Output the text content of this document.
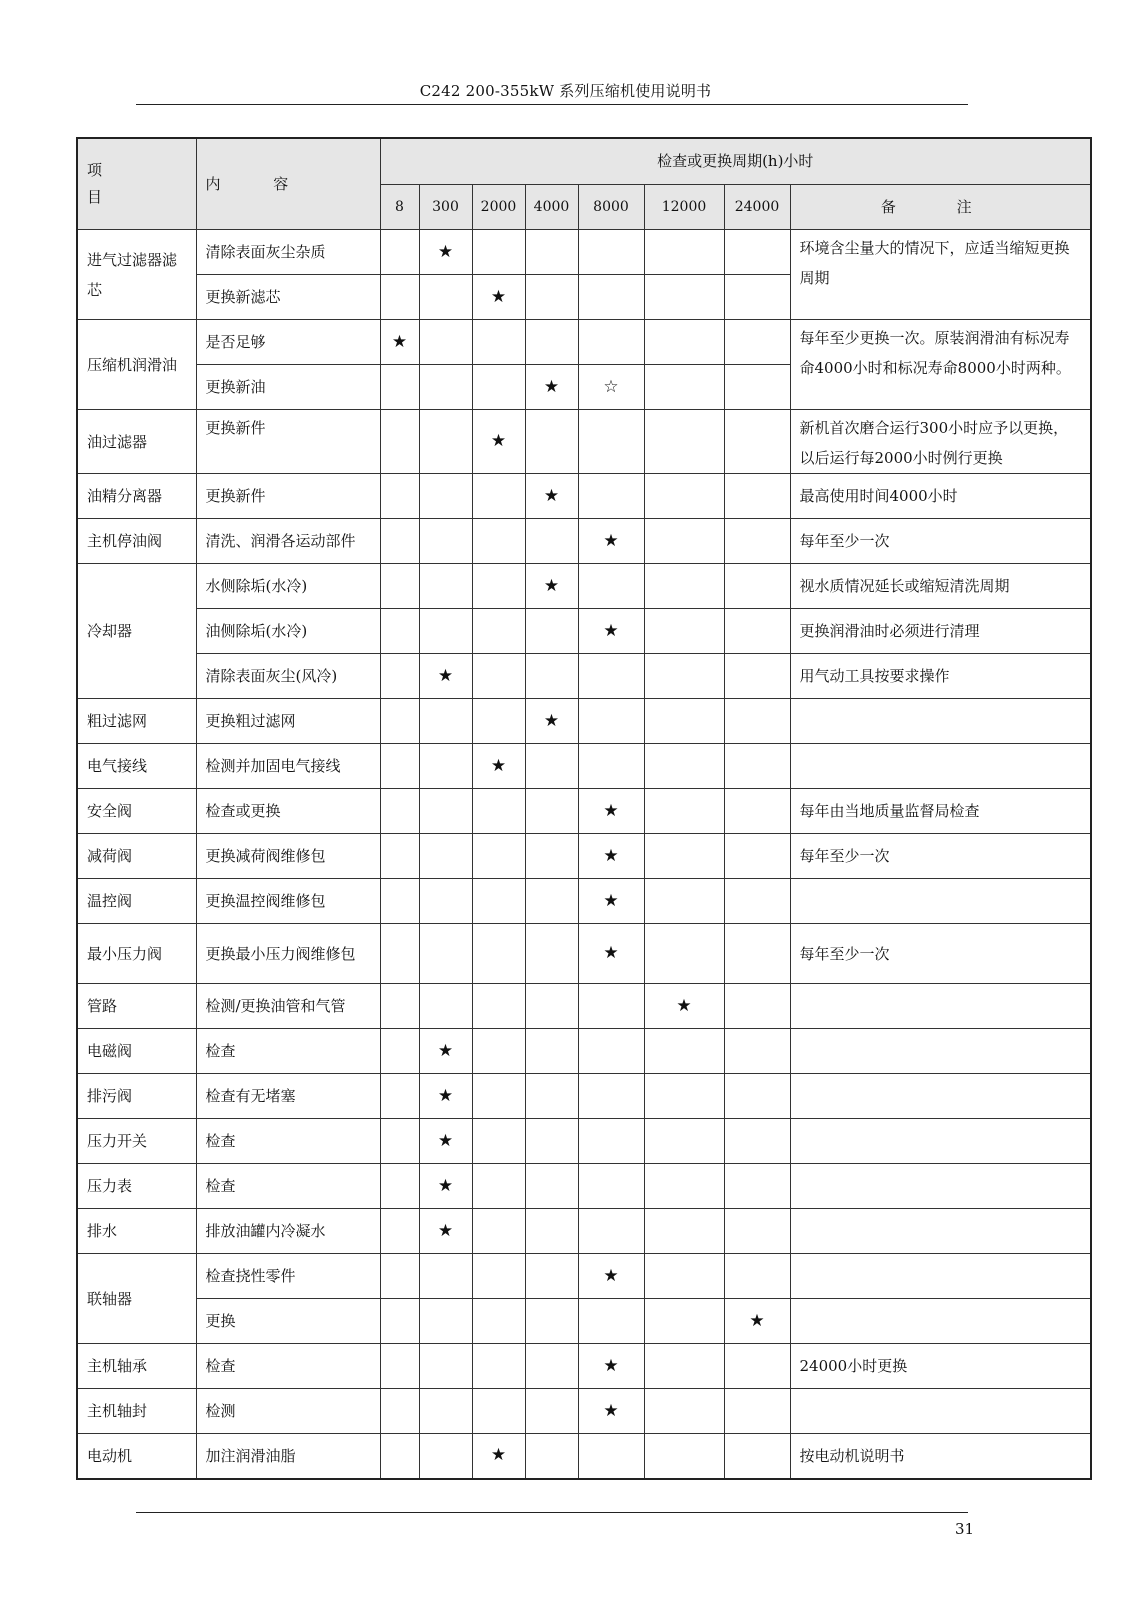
C242 200-355kW 系列压缩机使用说明书
项 目	内 容	检查或更换周期(h)小时							
		8	300	2000	4000	8000	12000	24000	备 注
进气过滤器滤芯	清除表面灰尘杂质		★						环境含尘量大的情况下，应适当缩短更换周期
	更换新滤芯			★					
压缩机润滑油	是否足够	★							每年至少更换一次。原装润滑油有标况寿命4000小时和标况寿命8000小时两种。
	更换新油				★	☆			
油过滤器	更换新件			★					新机首次磨合运行300小时应予以更换，以后运行每2000小时例行更换
油精分离器	更换新件				★				最高使用时间4000小时
主机停油阀	清洗、润滑各运动部件					★			每年至少一次
冷却器	水侧除垢(水冷)				★				视水质情况延长或缩短清洗周期
	油侧除垢(水冷)					★			更换润滑油时必须进行清理
	清除表面灰尘(风冷)		★						用气动工具按要求操作
粗过滤网	更换粗过滤网				★				
电气接线	检测并加固电气接线			★					
安全阀	检查或更换					★			每年由当地质量监督局检查
减荷阀	更换减荷阀维修包					★			每年至少一次
温控阀	更换温控阀维修包					★			
最小压力阀	更换最小压力阀维修包					★			每年至少一次
管路	检测/更换油管和气管						★		
电磁阀	检查		★						
排污阀	检查有无堵塞		★						
压力开关	检查		★						
压力表	检查		★						
排水	排放油罐内冷凝水		★						
联轴器	检查挠性零件					★			
	更换							★	
主机轴承	检查					★			24000小时更换
主机轴封	检测					★			
电动机	加注润滑油脂			★					按电动机说明书
31
